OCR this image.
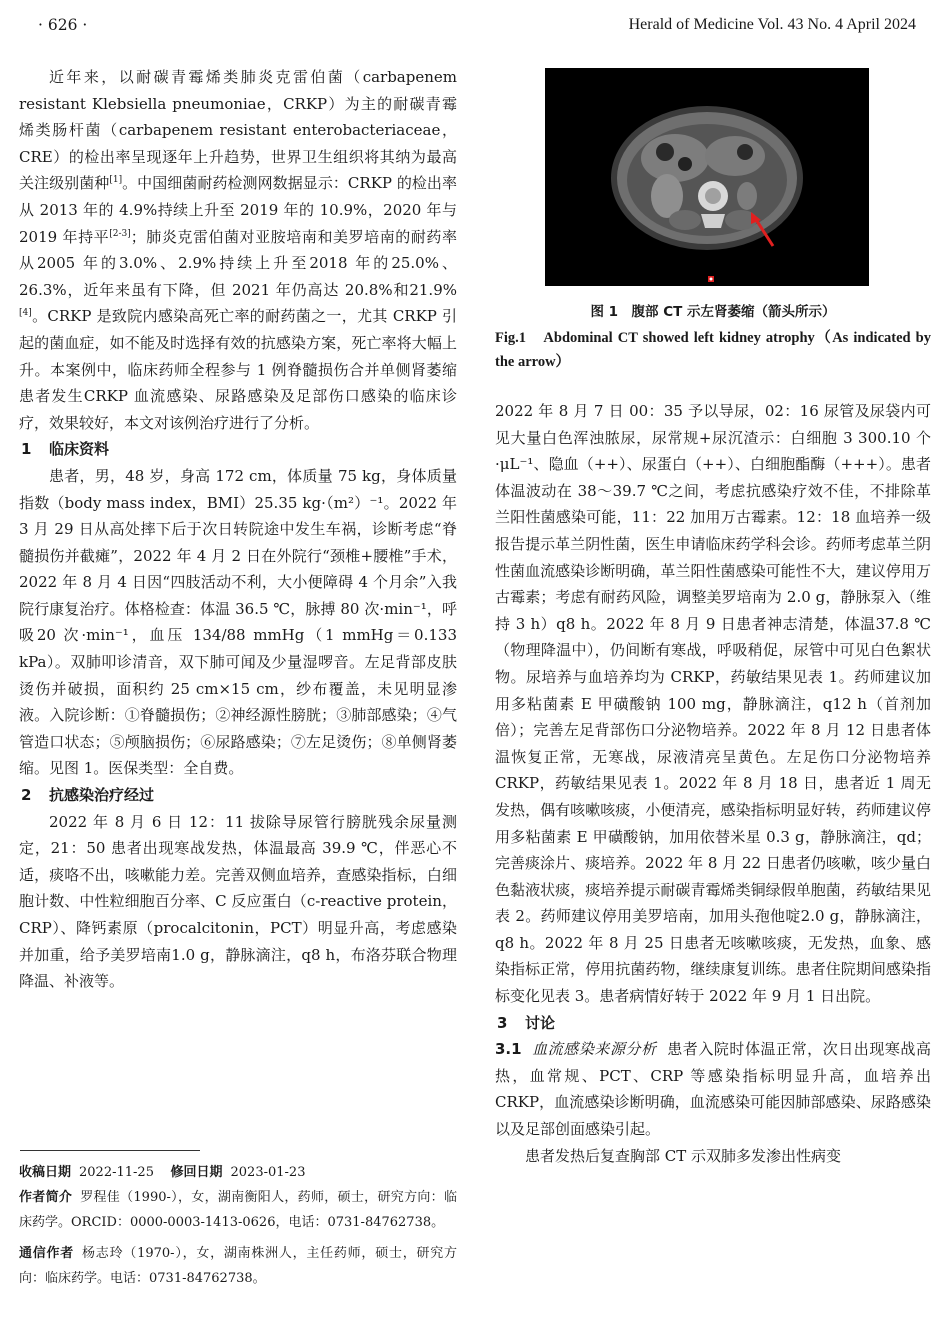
· 626 ·	Herald of Medicine Vol. 43 No. 4 April 2024

近年来，以耐碳青霉烯类肺炎克雷伯菌（carbapenem resistant Klebsiella pneumoniae，CRKP）为主的耐碳青霉烯类肠杆菌（carbapenem resistant enterobacteriaceae，CRE）的检出率呈现逐年上升趋势，世界卫生组织将其纳为最高关注级别菌种[1]。中国细菌耐药检测网数据显示：CRKP 的检出率从 2013 年的 4.9%持续上升至 2019 年的 10.9%，2020 年与 2019 年持平[2-3]；肺炎克雷伯菌对亚胺培南和美罗培南的耐药率从2005 年的3.0%、2.9%持续上升至2018 年的25.0%、26.3%，近年来虽有下降，但 2021 年仍高达 20.8%和21.9%[4]。CRKP 是致院内感染高死亡率的耐药菌之一，尤其 CRKP 引起的菌血症，如不能及时选择有效的抗感染方案，死亡率将大幅上升。本案例中，临床药师全程参与 1 例脊髓损伤合并单侧肾萎缩患者发生CRKP 血流感染、尿路感染及足部伤口感染的临床诊疗，效果较好，本文对该例治疗进行了分析。

1 临床资料

患者，男，48 岁，身高 172 cm，体质量 75 kg，身体质量指数（body mass index，BMI）25.35 kg·（m²）⁻¹。2022 年 3 月 29 日从高处摔下后于次日转院途中发生车祸，诊断考虑“脊髓损伤并截瘫”，2022 年 4 月 2 日在外院行“颈椎+腰椎”手术，2022 年 8 月 4 日因“四肢活动不利，大小便障碍 4 个月余”入我院行康复治疗。体格检查：体温 36.5 ℃，脉搏 80 次·min⁻¹，呼吸20 次·min⁻¹，血压 134/88 mmHg（1 mmHg＝0.133 kPa）。双肺叩诊清音，双下肺可闻及少量湿啰音。左足背部皮肤烫伤并破损，面积约 25 cm×15 cm，纱布覆盖，未见明显渗液。入院诊断：①脊髓损伤；②神经源性膀胱；③肺部感染；④气管造口状态；⑤颅脑损伤；⑥尿路感染；⑦左足烫伤；⑧单侧肾萎缩。见图 1。医保类型：全自费。

2 抗感染治疗经过

2022 年 8 月 6 日 12：11 拔除导尿管行膀胱残余尿量测定，21：50 患者出现寒战发热，体温最高 39.9 ℃，伴恶心不适，痰咯不出，咳嗽能力差。完善双侧血培养，查感染指标，白细胞计数、中性粒细胞百分率、C 反应蛋白（c-reactive protein，CRP）、降钙素原（procalcitonin，PCT）明显升高，考虑感染并加重，给予美罗培南1.0 g，静脉滴注，q8 h，布洛芬联合物理降温、补液等。

收稿日期 2022-11-25 修回日期 2023-01-23

作者简介 罗程佳（1990-），女，湖南衡阳人，药师，硕士，研究方向：临床药学。ORCID：0000-0003-1413-0626，电话：0731-84762738。

通信作者 杨志玲（1970-），女，湖南株洲人，主任药师，硕士，研究方向：临床药学。电话：0731-84762738。

图 1　腹部 CT 示左肾萎缩（箭头所示）
Fig.1　Abdominal CT showed left kidney atrophy（As indicated by the arrow）

2022 年 8 月 7 日 00：35 予以导尿，02：16 尿管及尿袋内可见大量白色浑浊脓尿，尿常规+尿沉渣示：白细胞 3 300.10 个·μL⁻¹、隐血（++）、尿蛋白（++）、白细胞酯酶（+++）。患者体温波动在 38～39.7 ℃之间，考虑抗感染疗效不佳，不排除革兰阳性菌感染可能，11：22 加用万古霉素。12：18 血培养一级报告提示革兰阴性菌，医生申请临床药学科会诊。药师考虑革兰阴性菌血流感染诊断明确，革兰阳性菌感染可能性不大，建议停用万古霉素；考虑有耐药风险，调整美罗培南为 2.0 g，静脉泵入（维持 3 h）q8 h。2022 年 8 月 9 日患者神志清楚，体温37.8 ℃（物理降温中），仍间断有寒战，呼吸稍促，尿管中可见白色絮状物。尿培养与血培养均为 CRKP，药敏结果见表 1。药师建议加用多粘菌素 E 甲磺酸钠 100 mg，静脉滴注，q12 h（首剂加倍）；完善左足背部伤口分泌物培养。2022 年 8 月 12 日患者体温恢复正常，无寒战，尿液清亮呈黄色。左足伤口分泌物培养 CRKP，药敏结果见表 1。2022 年 8 月 18 日，患者近 1 周无发热，偶有咳嗽咳痰，小便清亮，感染指标明显好转，药师建议停用多粘菌素 E 甲磺酸钠，加用依替米星 0.3 g，静脉滴注，qd；完善痰涂片、痰培养。2022 年 8 月 22 日患者仍咳嗽，咳少量白色黏液状痰，痰培养提示耐碳青霉烯类铜绿假单胞菌，药敏结果见表 2。药师建议停用美罗培南，加用头孢他啶2.0 g，静脉滴注，q8 h。2022 年 8 月 25 日患者无咳嗽咳痰，无发热，血象、感染指标正常，停用抗菌药物，继续康复训练。患者住院期间感染指标变化见表 3。患者病情好转于 2022 年 9 月 1 日出院。

3 讨论

3.1 血流感染来源分析 患者入院时体温正常，次日出现寒战高热，血常规、PCT、CRP 等感染指标明显升高，血培养出 CRKP，血流感染诊断明确，血流感染可能因肺部感染、尿路感染以及足部创面感染引起。

患者发热后复查胸部 CT 示双肺多发渗出性病变
